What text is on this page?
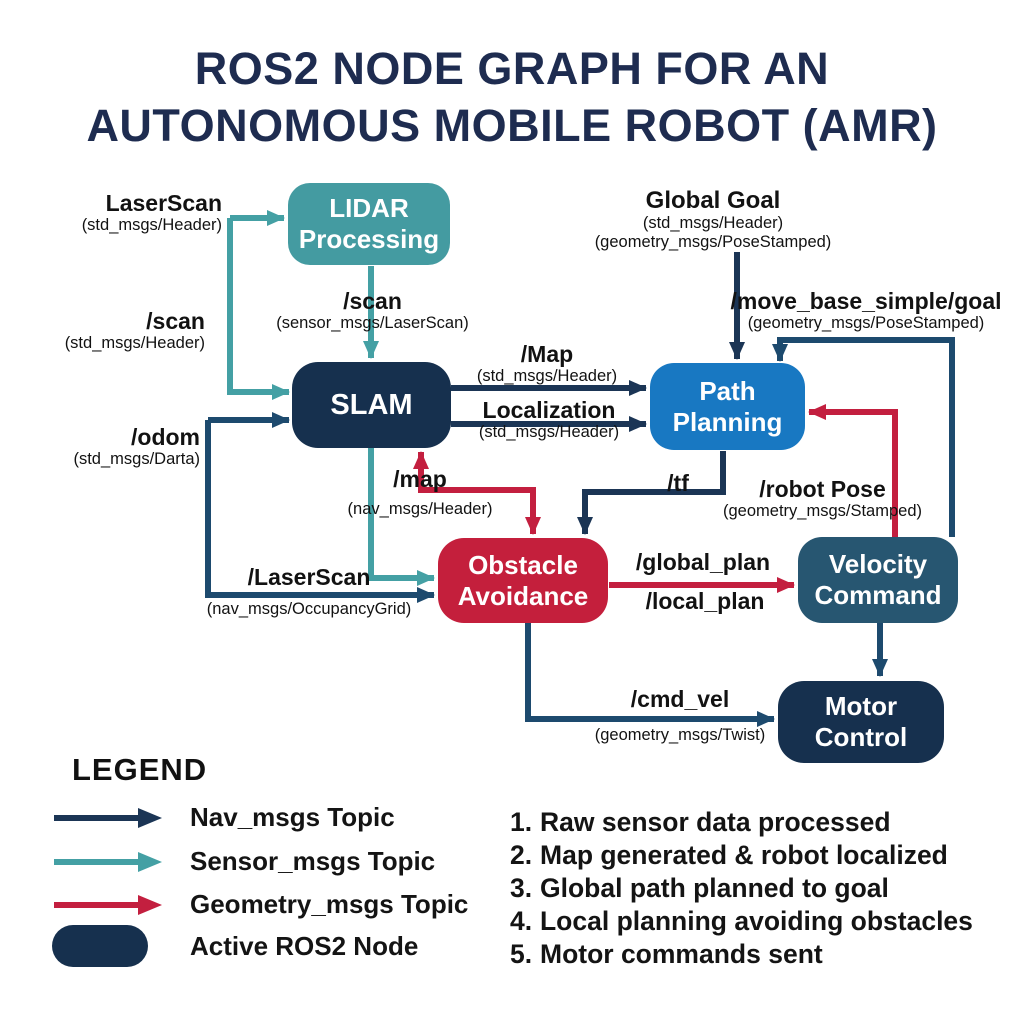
ROS2 NODE GRAPH FOR AN
AUTONOMOUS MOBILE ROBOT (AMR)
LIDAR Processing
SLAM	Path Planning
Obstacle Avoidance
Velocity Command
Motor Control
LaserScan
(std_msgs/Header)
/scan
(std_msgs/Header)
/scan
(sensor_msgs/LaserScan)
/odom
(std_msgs/Darta)
/Map
(std_msgs/Header)
Localization
(std_msgs/Header)
Global Goal
(std_msgs/Header)
(geometry_msgs/PoseStamped)
/move_base_simple/goal
(geometry_msgs/PoseStamped)
/map
(nav_msgs/Header)
/tf	/robot Pose
(geometry_msgs/Stamped)
/LaserScan
(nav_msgs/OccupancyGrid)
/global_plan
/local_plan
/cmd_vel
(geometry_msgs/Twist)
LEGEND
Nav_msgs Topic
Sensor_msgs Topic
Geometry_msgs Topic
Active ROS2 Node
1. Raw sensor data processed
2. Map generated & robot localized
3. Global path planned to goal
4. Local planning avoiding obstacles
5. Motor commands sent
